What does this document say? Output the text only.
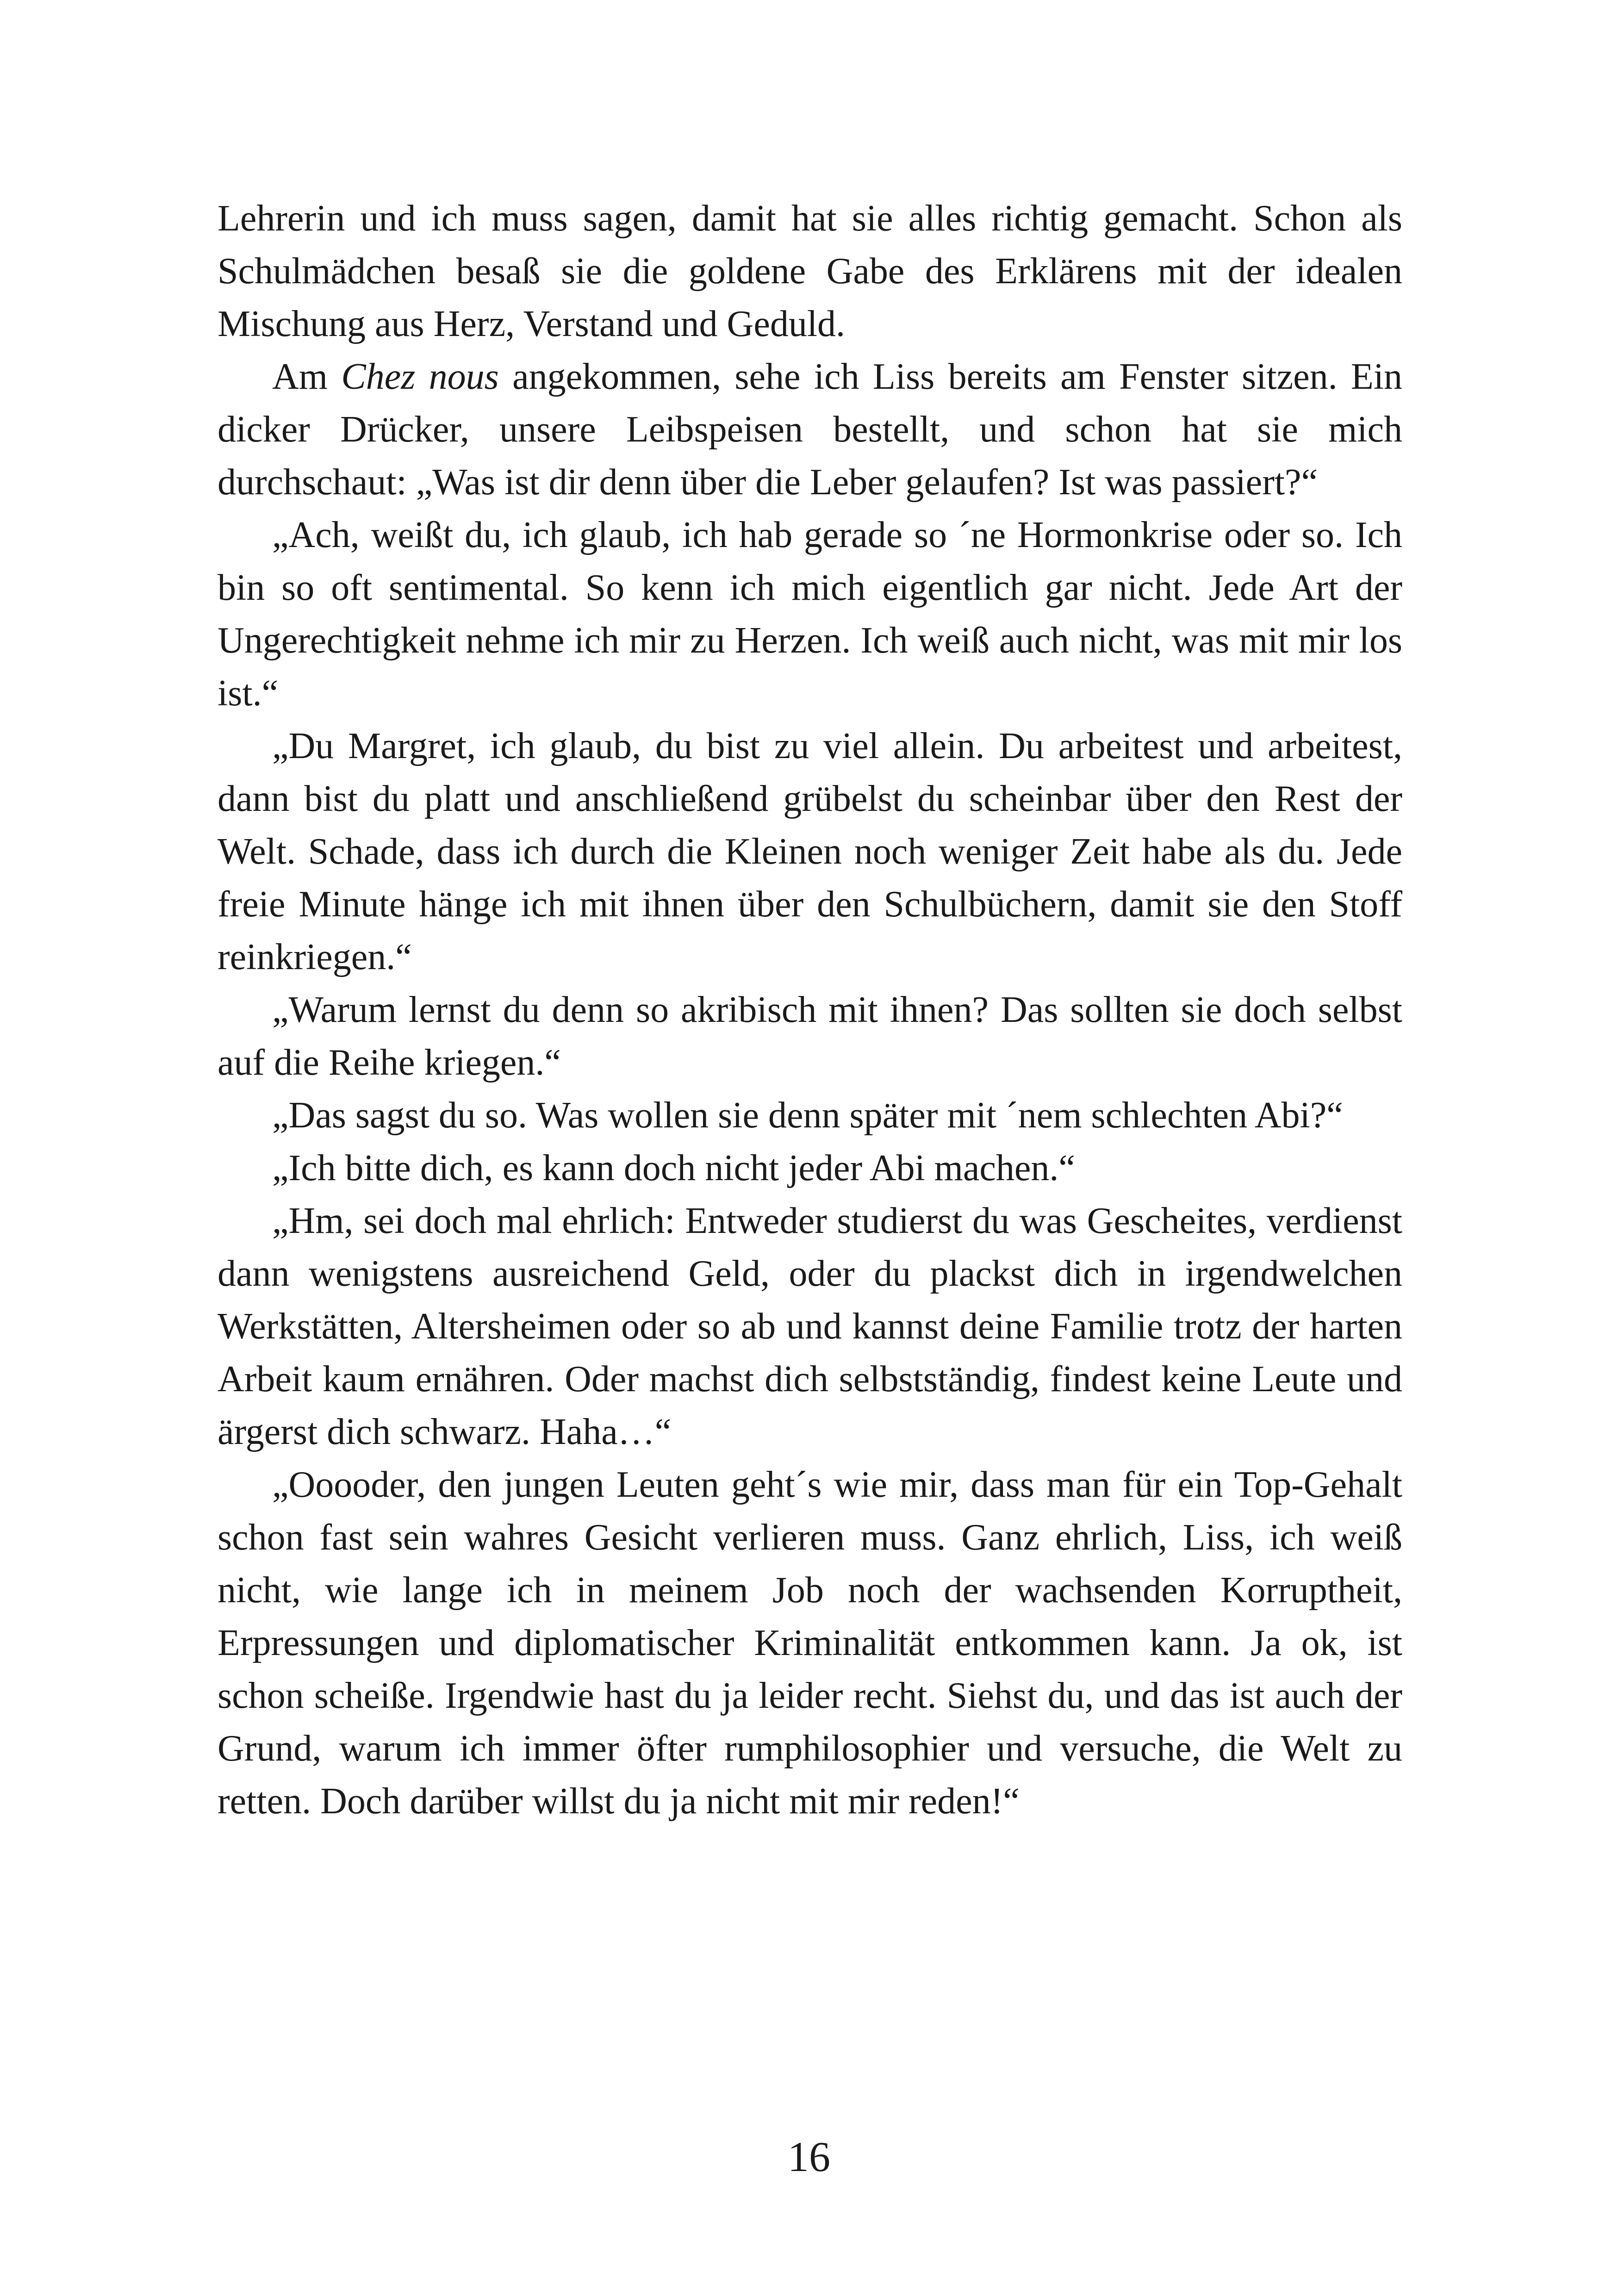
Lehrerin und ich muss sagen, damit hat sie alles richtig gemacht. Schon als Schulmädchen besaß sie die goldene Gabe des Erklärens mit der idealen Mischung aus Herz, Verstand und Geduld.

Am Chez nous angekommen, sehe ich Liss bereits am Fenster sitzen. Ein dicker Drücker, unsere Leibspeisen bestellt, und schon hat sie mich durchschaut: „Was ist dir denn über die Leber gelaufen? Ist was passiert?“

„Ach, weißt du, ich glaub, ich hab gerade so ´ne Hormonkrise oder so. Ich bin so oft sentimental. So kenn ich mich eigentlich gar nicht. Jede Art der Ungerechtigkeit nehme ich mir zu Herzen. Ich weiß auch nicht, was mit mir los ist.“

„Du Margret, ich glaub, du bist zu viel allein. Du arbeitest und arbeitest, dann bist du platt und anschließend grübelst du scheinbar über den Rest der Welt. Schade, dass ich durch die Kleinen noch weniger Zeit habe als du. Jede freie Minute hänge ich mit ihnen über den Schulbüchern, damit sie den Stoff reinkriegen.“

„Warum lernst du denn so akribisch mit ihnen? Das sollten sie doch selbst auf die Reihe kriegen.“

„Das sagst du so. Was wollen sie denn später mit ´nem schlechten Abi?“

„Ich bitte dich, es kann doch nicht jeder Abi machen.“

„Hm, sei doch mal ehrlich: Entweder studierst du was Gescheites, verdienst dann wenigstens ausreichend Geld, oder du plackst dich in irgendwelchen Werkstätten, Altersheimen oder so ab und kannst deine Familie trotz der harten Arbeit kaum ernähren. Oder machst dich selbstständig, findest keine Leute und ärgerst dich schwarz. Haha…“

„Ooooder, den jungen Leuten geht´s wie mir, dass man für ein Top-Gehalt schon fast sein wahres Gesicht verlieren muss. Ganz ehrlich, Liss, ich weiß nicht, wie lange ich in meinem Job noch der wachsenden Korruptheit, Erpressungen und diplomatischer Kriminalität entkommen kann. Ja ok, ist schon scheiße. Irgendwie hast du ja leider recht. Siehst du, und das ist auch der Grund, warum ich immer öfter rumphilosophier und versuche, die Welt zu retten. Doch darüber willst du ja nicht mit mir reden!“

16
